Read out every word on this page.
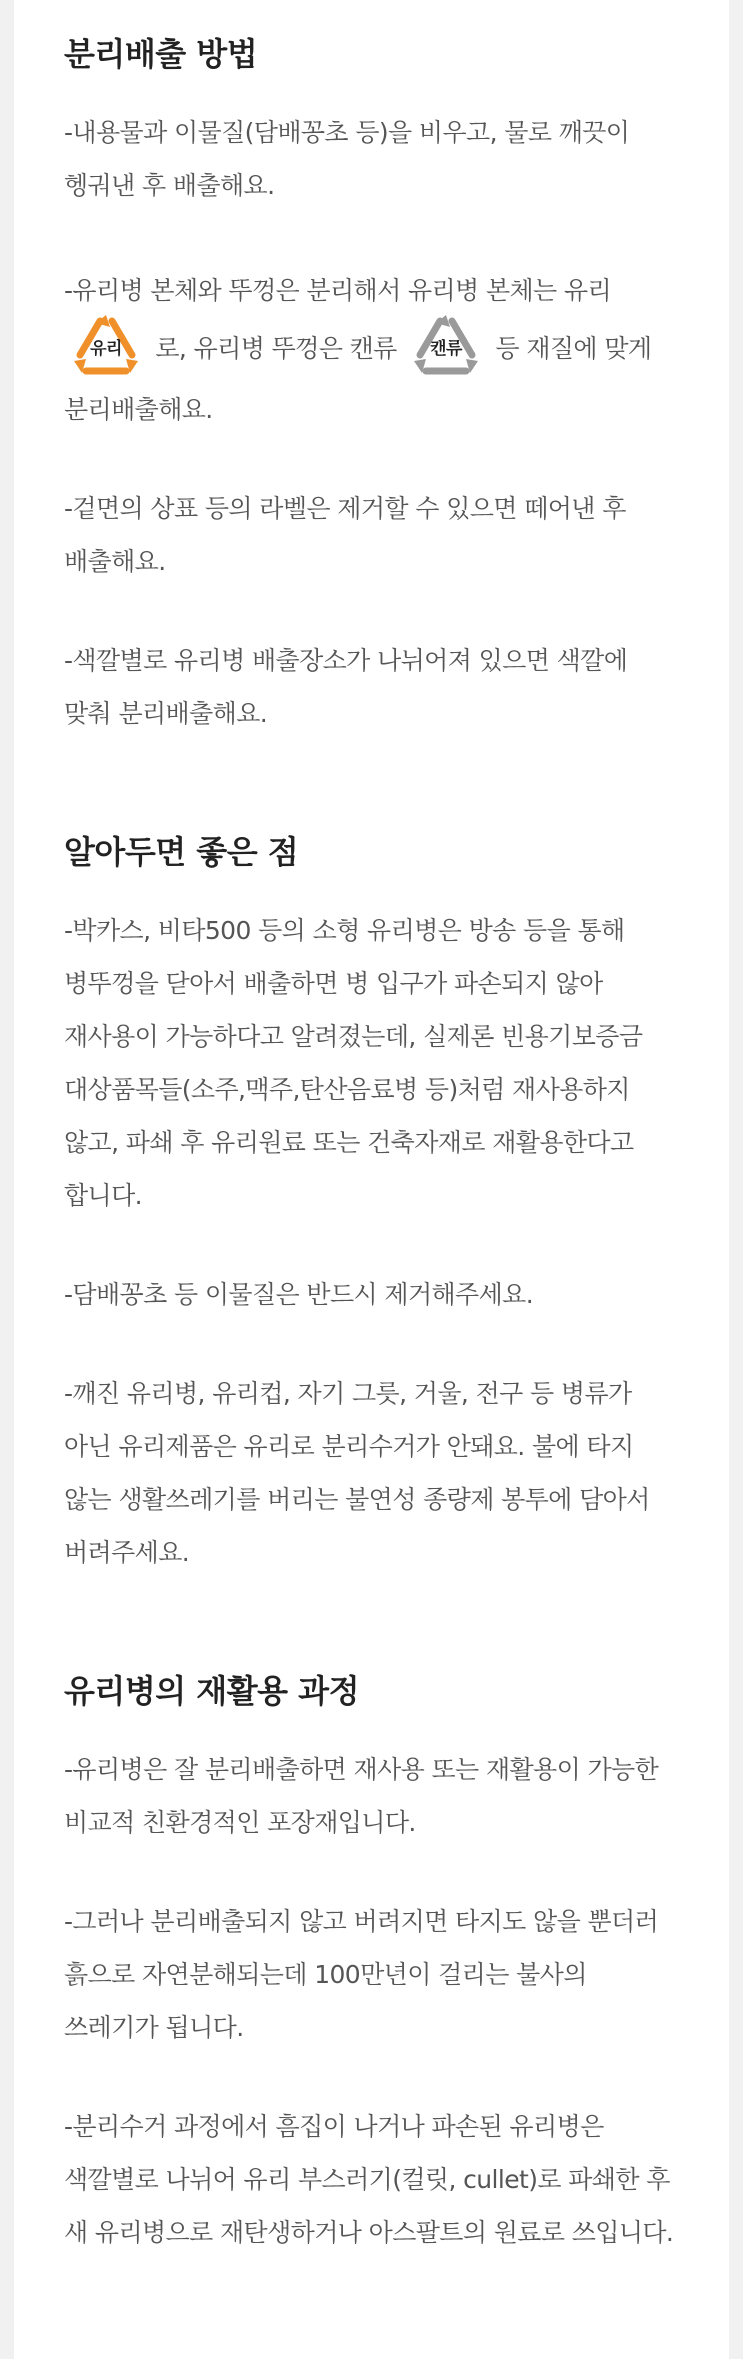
분리배출 방법

-내용물과 이물질(담배꽁초 등)을 비우고, 물로 깨끗이 헹궈낸 후 배출해요.

-유리병 본체와 뚜껑은 분리해서 유리병 본체는 유리
유리 로, 유리병 뚜껑은 캔류 캔류 등 재질에 맞게 분리배출해요.

-겉면의 상표 등의 라벨은 제거할 수 있으면 떼어낸 후 배출해요.

-색깔별로 유리병 배출장소가 나뉘어져 있으면 색깔에 맞춰 분리배출해요.

알아두면 좋은 점

-박카스, 비타500 등의 소형 유리병은 방송 등을 통해 병뚜껑을 닫아서 배출하면 병 입구가 파손되지 않아 재사용이 가능하다고 알려졌는데, 실제론 빈용기보증금 대상품목들(소주,맥주,탄산음료병 등)처럼 재사용하지 않고, 파쇄 후 유리원료 또는 건축자재로 재활용한다고 합니다.

-담배꽁초 등 이물질은 반드시 제거해주세요.

-깨진 유리병, 유리컵, 자기 그릇, 거울, 전구 등 병류가 아닌 유리제품은 유리로 분리수거가 안돼요. 불에 타지 않는 생활쓰레기를 버리는 불연성 종량제 봉투에 담아서 버려주세요.

유리병의 재활용 과정

-유리병은 잘 분리배출하면 재사용 또는 재활용이 가능한 비교적 친환경적인 포장재입니다.

-그러나 분리배출되지 않고 버려지면 타지도 않을 뿐더러 흙으로 자연분해되는데 100만년이 걸리는 불사의 쓰레기가 됩니다.

-분리수거 과정에서 흠집이 나거나 파손된 유리병은 색깔별로 나뉘어 유리 부스러기(컬릿, cullet)로 파쇄한 후 새 유리병으로 재탄생하거나 아스팔트의 원료로 쓰입니다.
